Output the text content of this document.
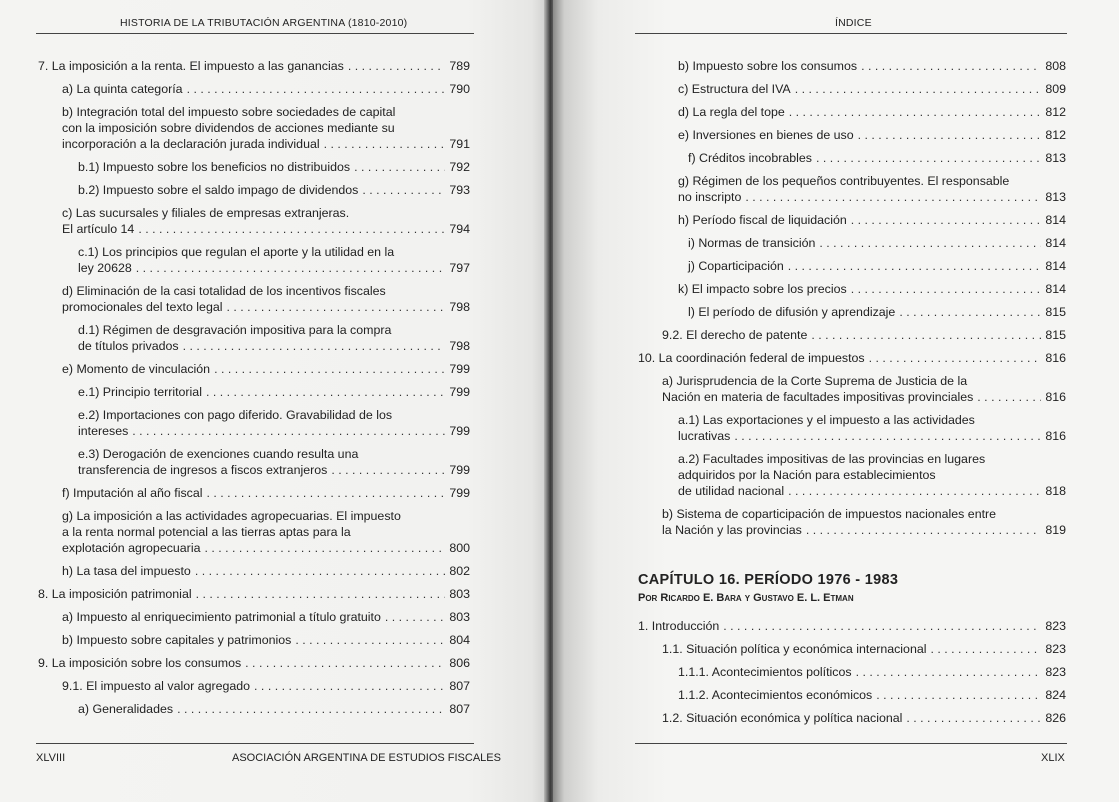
HISTORIA DE LA TRIBUTACIÓN ARGENTINA (1810-2010)
7. La imposición a la renta. El impuesto a las ganancias . . .	789
a) La quinta categoría . . .	790
b) Integración total del impuesto sobre sociedades de capital
con la imposición sobre dividendos de acciones mediante su
incorporación a la declaración jurada individual . . .	791
b.1) Impuesto sobre los beneficios no distribuidos . . .	792
b.2) Impuesto sobre el saldo impago de dividendos . . .	793
c) Las sucursales y filiales de empresas extranjeras.
El artículo 14 . . .	794
c.1) Los principios que regulan el aporte y la utilidad en la
ley 20628 . . .	797
d) Eliminación de la casi totalidad de los incentivos fiscales
promocionales del texto legal . . .	798
d.1) Régimen de desgravación impositiva para la compra
de títulos privados . . .	798
e) Momento de vinculación . . .	799
e.1) Principio territorial . . .	799
e.2) Importaciones con pago diferido. Gravabilidad de los
intereses . . .	799
e.3) Derogación de exenciones cuando resulta una
transferencia de ingresos a fiscos extranjeros . . .	799
f) Imputación al año fiscal . . .	799
g) La imposición a las actividades agropecuarias. El impuesto
a la renta normal potencial a las tierras aptas para la
explotación agropecuaria . . .	800
h) La tasa del impuesto . . .	802
8. La imposición patrimonial . . .	803
a) Impuesto al enriquecimiento patrimonial a título gratuito . . .	803
b) Impuesto sobre capitales y patrimonios . . .	804
9. La imposición sobre los consumos . . .	806
9.1. El impuesto al valor agregado . . .	807
a) Generalidades . . .	807
XLVIII	ASOCIACIÓN ARGENTINA DE ESTUDIOS FISCALES
ÍNDICE
b) Impuesto sobre los consumos . . .	808
c) Estructura del IVA . . .	809
d) La regla del tope . . .	812
e) Inversiones en bienes de uso . . .	812
f) Créditos incobrables . . .	813
g) Régimen de los pequeños contribuyentes. El responsable
no inscripto . . .	813
h) Período fiscal de liquidación . . .	814
i) Normas de transición . . .	814
j) Coparticipación . . .	814
k) El impacto sobre los precios . . .	814
l) El período de difusión y aprendizaje . . .	815
9.2. El derecho de patente . . .	815
10. La coordinación federal de impuestos . . .	816
a) Jurisprudencia de la Corte Suprema de Justicia de la
Nación en materia de facultades impositivas provinciales . . .	816
a.1) Las exportaciones y el impuesto a las actividades
lucrativas . . .	816
a.2) Facultades impositivas de las provincias en lugares
adquiridos por la Nación para establecimientos
de utilidad nacional . . .	818
b) Sistema de coparticipación de impuestos nacionales entre
la Nación y las provincias . . .	819
CAPÍTULO 16. PERÍODO 1976 - 1983
Por Ricardo E. Bara y Gustavo E. L. Etman
1. Introducción . . .	823
1.1. Situación política y económica internacional . . .	823
1.1.1. Acontecimientos políticos . . .	823
1.1.2. Acontecimientos económicos . . .	824
1.2. Situación económica y política nacional . . .	826
XLIX
